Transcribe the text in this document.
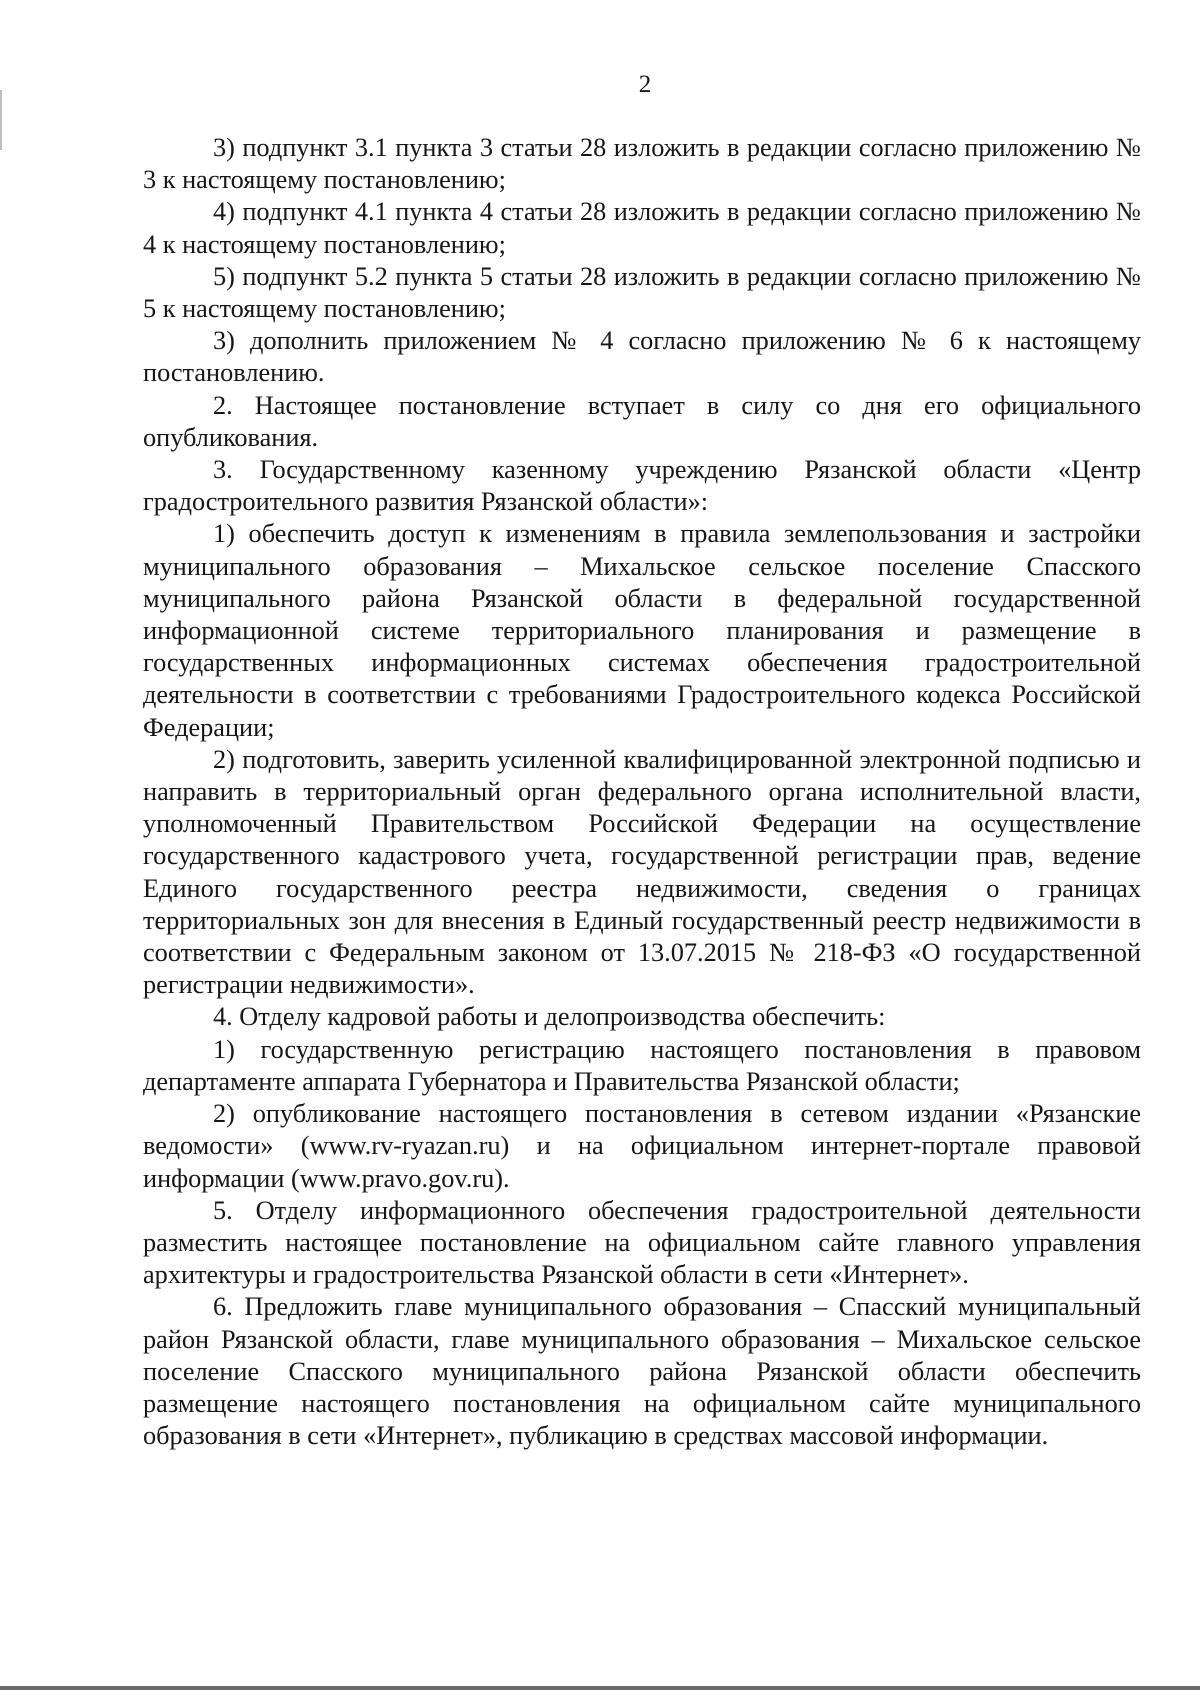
2

3) подпункт 3.1 пункта 3 статьи 28 изложить в редакции согласно приложению № 3 к настоящему постановлению;

4) подпункт 4.1 пункта 4 статьи 28 изложить в редакции согласно приложению № 4 к настоящему постановлению;

5) подпункт 5.2 пункта 5 статьи 28 изложить в редакции согласно приложению № 5 к настоящему постановлению;

3) дополнить приложением № 4 согласно приложению № 6 к настоящему постановлению.

2. Настоящее постановление вступает в силу со дня его официального опубликования.

3. Государственному казенному учреждению Рязанской области «Центр градостроительного развития Рязанской области»:

1) обеспечить доступ к изменениям в правила землепользования и застройки муниципального образования – Михальское сельское поселение Спасского муниципального района Рязанской области в федеральной государственной информационной системе территориального планирования и размещение в государственных информационных системах обеспечения градостроительной деятельности в соответствии с требованиями Градостроительного кодекса Российской Федерации;

2) подготовить, заверить усиленной квалифицированной электронной подписью и направить в территориальный орган федерального органа исполнительной власти, уполномоченный Правительством Российской Федерации на осуществление государственного кадастрового учета, государственной регистрации прав, ведение Единого государственного реестра недвижимости, сведения о границах территориальных зон для внесения в Единый государственный реестр недвижимости в соответствии с Федеральным законом от 13.07.2015 № 218-ФЗ «О государственной регистрации недвижимости».

4. Отделу кадровой работы и делопроизводства обеспечить:

1) государственную регистрацию настоящего постановления в правовом департаменте аппарата Губернатора и Правительства Рязанской области;

2) опубликование настоящего постановления в сетевом издании «Рязанские ведомости» (www.rv-ryazan.ru) и на официальном интернет-портале правовой информации (www.pravo.gov.ru).

5. Отделу информационного обеспечения градостроительной деятельности разместить настоящее постановление на официальном сайте главного управления архитектуры и градостроительства Рязанской области в сети «Интернет».

6. Предложить главе муниципального образования – Спасский муниципальный район Рязанской области, главе муниципального образования – Михальское сельское поселение Спасского муниципального района Рязанской области обеспечить размещение настоящего постановления на официальном сайте муниципального образования в сети «Интернет», публикацию в средствах массовой информации.
